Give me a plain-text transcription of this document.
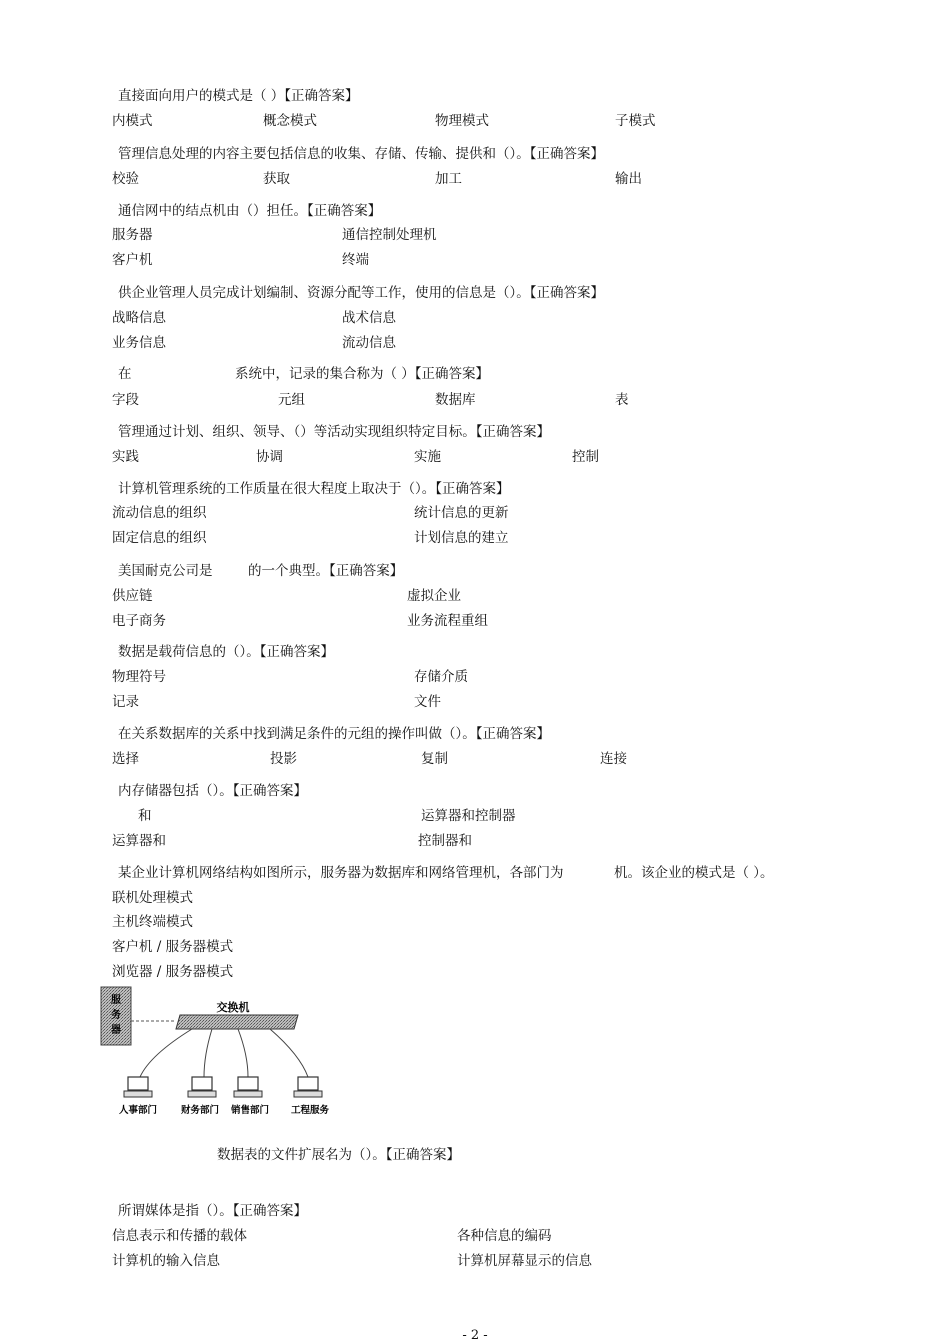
直接面向用户的模式是（ ）【正确答案】
内模式	概念模式	物理模式	子模式
管理信息处理的内容主要包括信息的收集、存储、传输、提供和（）。【正确答案】
校验	获取	加工	输出
通信网中的结点机由（）担任。【正确答案】
服务器	通信控制处理机
客户机	终端
供企业管理人员完成计划编制、资源分配等工作，使用的信息是（）。【正确答案】
战略信息	战术信息
业务信息	流动信息
在	系统中，记录的集合称为（ ）【正确答案】
字段	元组	数据库	表
管理通过计划、组织、领导、（）等活动实现组织特定目标。【正确答案】
实践	协调	实施	控制
计算机管理系统的工作质量在很大程度上取决于（）。【正确答案】
流动信息的组织	统计信息的更新
固定信息的组织	计划信息的建立
美国耐克公司是	的一个典型。【正确答案】
供应链	虚拟企业
电子商务	业务流程重组
数据是载荷信息的（）。【正确答案】
物理符号	存储介质
记录	文件
在关系数据库的关系中找到满足条件的元组的操作叫做（）。【正确答案】
选择	投影	复制	连接
内存储器包括（）。【正确答案】
和	运算器和控制器
运算器和	控制器和
某企业计算机网络结构如图所示，服务器为数据库和网络管理机，各部门为	机。该企业的模式是（ ）。
联机处理模式
主机终端模式
客户机 / 服务器模式
浏览器 / 服务器模式
服
务
器
交换机
人事部门	财务部门 销售部门 工程服务
数据表的文件扩展名为（）。【正确答案】
所谓媒体是指（）。【正确答案】
信息表示和传播的载体	各种信息的编码
计算机的输入信息	计算机屏幕显示的信息
- 2 -
